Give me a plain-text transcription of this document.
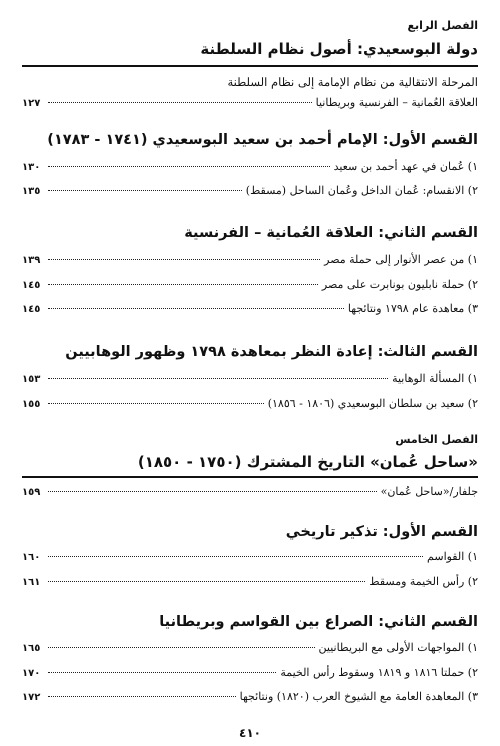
الفصل الرابع
دولة البوسعيدي: أصول نظام السلطنة
المرحلة الانتقالية من نظام الإمامة إلى نظام السلطنة
العلاقة العُمانية – الفرنسية وبريطانيا
١٢٧
القسم الأول: الإمام أحمد بن سعيد البوسعيدي (١٧٤١ - ١٧٨٣)
١) عُمان في عهد أحمد بن سعيد
١٣٠
٢) الانقسام: عُمان الداخل وعُمان الساحل (مسقط)
١٣٥
القسم الثاني: العلاقة العُمانية – الفرنسية
١) من عصر الأنوار إلى حملة مصر
١٣٩
٢) حملة نابليون بونابرت على مصر
١٤٥
٣) معاهدة عام ١٧٩٨ ونتائجها
١٤٥
القسم الثالث: إعادة النظر بمعاهدة ١٧٩٨ وظهور الوهابيين
١) المسألة الوهابية
١٥٣
٢) سعيد بن سلطان البوسعيدي (١٨٠٦ - ١٨٥٦)
١٥٥
الفصل الخامس
«ساحل عُمان» التاريخ المشترك (١٧٥٠ - ١٨٥٠)
جلفار/«ساحل عُمان»
١٥٩
القسم الأول: تذكير تاريخي
١) القواسم
١٦٠
٢) رأس الخيمة ومسقط
١٦١
القسم الثاني: الصراع بين القواسم وبريطانيا
١) المواجهات الأولى مع البريطانيين
١٦٥
٢) حملتا ١٨١٦ و ١٨١٩ وسقوط رأس الخيمة
١٧٠
٣) المعاهدة العامة مع الشيوخ العرب (١٨٢٠) ونتائجها
١٧٢
٤١٠
